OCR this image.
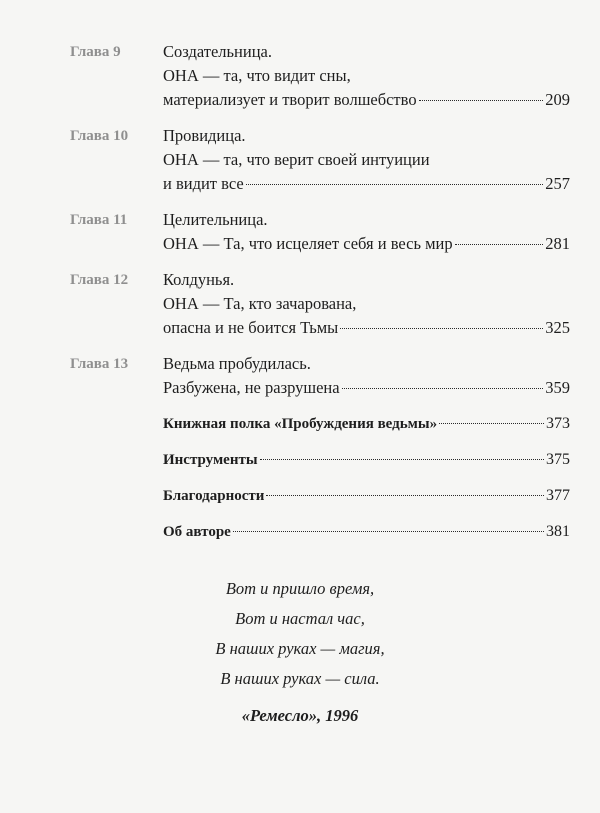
Глава 9	Создательница.
ОНА — та, что видит сны,
материализует и творит волшебство	209
Глава 10 Провидица.
ОНА — та, что верит своей интуиции
и видит все	257
Глава 11 Целительница.
ОНА — Та, что исцеляет себя и весь мир	281
Глава 12 Колдунья.
ОНА — Та, кто зачарована,
опасна и не боится Тьмы	325
Глава 13 Ведьма пробудилась.
Разбужена, не разрушена	359
Книжная полка «Пробуждения ведьмы»	373
Инструменты	375
Благодарности	377
Об авторе	381
Вот и пришло время,
Вот и настал час,
В наших руках — магия,
В наших руках — сила.
«Ремесло», 1996
